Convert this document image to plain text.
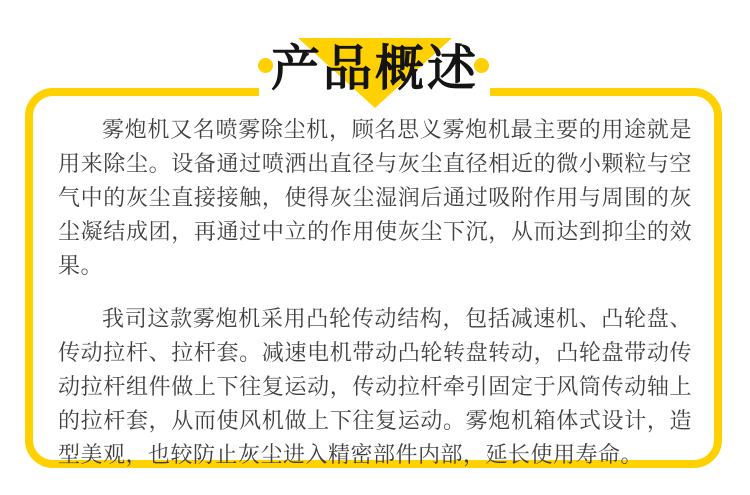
雾炮机又名喷雾除尘机，顾名思义雾炮机最主要的用途就是用来除尘。设备通过喷洒出直径与灰尘直径相近的微小颗粒与空气中的灰尘直接接触，使得灰尘湿润后通过吸附作用与周围的灰尘凝结成团，再通过中立的作用使灰尘下沉，从而达到抑尘的效果。

我司这款雾炮机采用凸轮传动结构，包括减速机、凸轮盘、传动拉杆、拉杆套。减速电机带动凸轮转盘转动，凸轮盘带动传动拉杆组件做上下往复运动，传动拉杆牵引固定于风筒传动轴上的拉杆套，从而使风机做上下往复运动。雾炮机箱体式设计，造型美观，也较防止灰尘进入精密部件内部，延长使用寿命。

产品概述
